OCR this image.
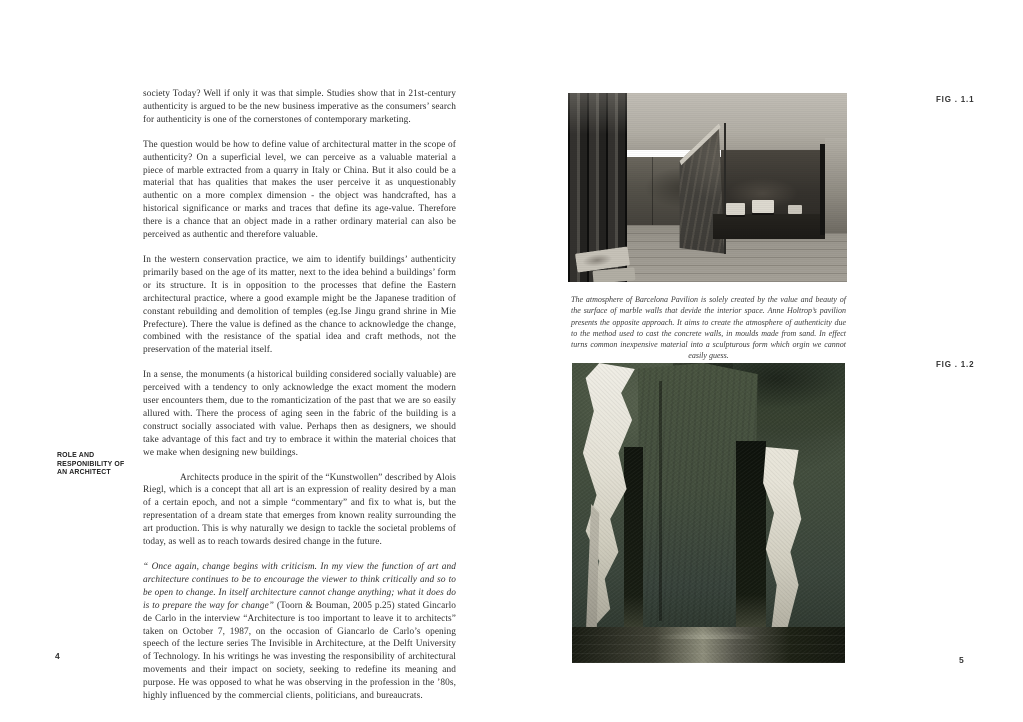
ROLE AND
RESPONIBILITY OF
AN ARCHITECT

society Today? Well if only it was that simple. Studies show that in 21st-century authenticity is argued to be the new business imperative as the consumers’ search for authenticity is one of the cornerstones of contemporary marketing.

The question would be how to define value of architectural matter in the scope of authenticity? On a superficial level, we can perceive as a valuable material a piece of marble extracted from a quarry in Italy or China. But it also could be a material that has qualities that makes the user perceive it as unquestionably authentic on a more complex dimension - the object was handcrafted, has a historical significance or marks and traces that define its age-value. Therefore there is a chance that an object made in a rather ordinary material can also be perceived as authentic and therefore valuable.

In the western conservation practice, we aim to identify buildings’ authenticity primarily based on the age of its matter, next to the idea behind a buildings’ form or its structure. It is in opposition to the processes that define the Eastern architectural practice, where a good example might be the Japanese tradition of constant rebuilding and demolition of temples (eg.Ise Jingu grand shrine in Mie Prefecture). There the value is defined as the chance to acknowledge the change, combined with the resistance of the spatial idea and craft methods, not the preservation of the material itself.

In a sense, the monuments (a historical building considered socially valuable) are perceived with a tendency to only acknowledge the exact moment the modern user encounters them, due to the romanticization of the past that we are so easily allured with. There the process of aging seen in the fabric of the building is a construct socially associated with value. Perhaps then as designers, we should take advantage of this fact and try to embrace it within the material choices that we make when designing new buildings.

Architects produce in the spirit of the “Kunstwollen” described by Alois Riegl, which is a concept that all art is an expression of reality desired by a man of a certain epoch, and not a simple “commentary” and fix to what is, but the representation of a dream state that emerges from known reality surrounding the art production. This is why naturally we design to tackle the societal problems of today, as well as to reach towards desired change in the future.

“ Once again, change begins with criticism. In my view the function of art and architecture continues to be to encourage the viewer to think critically and so to be open to change. In itself architecture cannot change anything; what it does do is to prepare the way for change” (Toorn & Bouman, 2005 p.25) stated Gincarlo de Carlo in the interview “Architecture is too important to leave it to architects” taken on October 7, 1987, on the occasion of Giancarlo de Carlo’s opening speech of the lecture series The Invisible in Architecture, at the Delft University of Technology. In his writings he was investing the responsibility of architectural movements and their impact on society, seeking to redefine its meaning and purpose. He was opposed to what he was observing in the profession in the ’80s, highly influenced by the commercial clients, politicians, and bureaucrats.

4
FIG . 1.1

The atmosphere of Barcelona Pavilion is solely created by the value and beauty of the surface of marble walls that devide the interior space. Anne Holtrop’s pavilion presents the opposite approach. It aims to create the atmosphere of authenticity due to the method used to cast the concrete walls, in moulds made from sand. In effect turns common inexpensive material into a sculpturous form which orgin we cannot easily guess.

FIG . 1.2
5
